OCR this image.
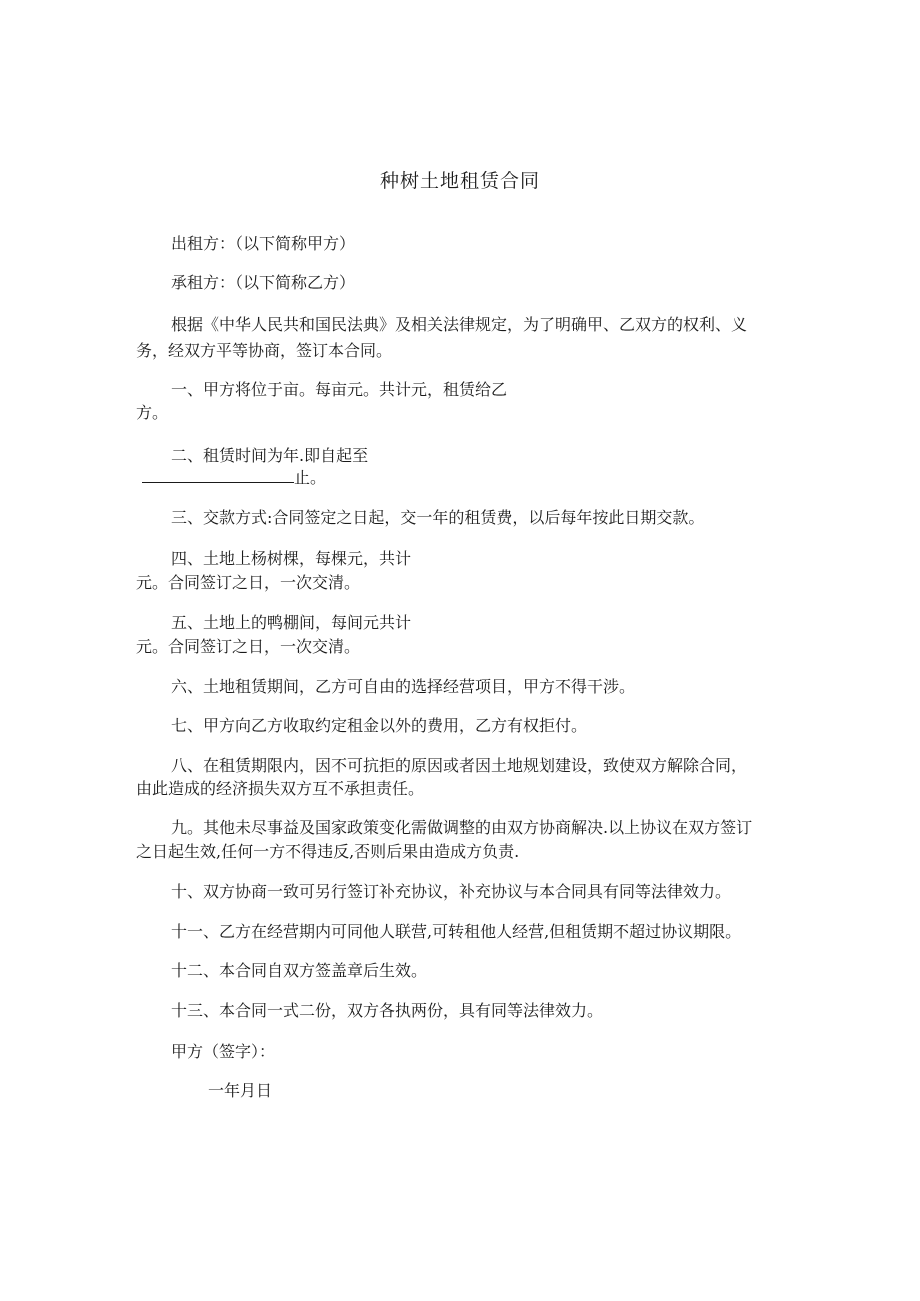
种树土地租赁合同
出租方：（以下简称甲方）
承租方：（以下简称乙方）
根据《中华人民共和国民法典》及相关法律规定，为了明确甲、乙双方的权利、义
务，经双方平等协商，签订本合同。
一、甲方将位于亩。每亩元。共计元，租赁给乙
方。
二、租赁时间为年.即自起至
止。
三、交款方式:合同签定之日起，交一年的租赁费，以后每年按此日期交款。
四、土地上杨树棵，每棵元，共计
元。合同签订之日，一次交清。
五、土地上的鸭棚间，每间元共计
元。合同签订之日，一次交清。
六、土地租赁期间，乙方可自由的选择经营项目，甲方不得干涉。
七、甲方向乙方收取约定租金以外的费用，乙方有权拒付。
八、在租赁期限内，因不可抗拒的原因或者因土地规划建设，致使双方解除合同，
由此造成的经济损失双方互不承担责任。
九。其他未尽事益及国家政策变化需做调整的由双方协商解决.以上协议在双方签订
之日起生效,任何一方不得违反,否则后果由造成方负责.
十、双方协商一致可另行签订补充协议，补充协议与本合同具有同等法律效力。
十一、乙方在经营期内可同他人联营,可转租他人经营,但租赁期不超过协议期限。
十二、本合同自双方签盖章后生效。
十三、本合同一式二份，双方各执两份，具有同等法律效力。
甲方（签字）：
一年月日
